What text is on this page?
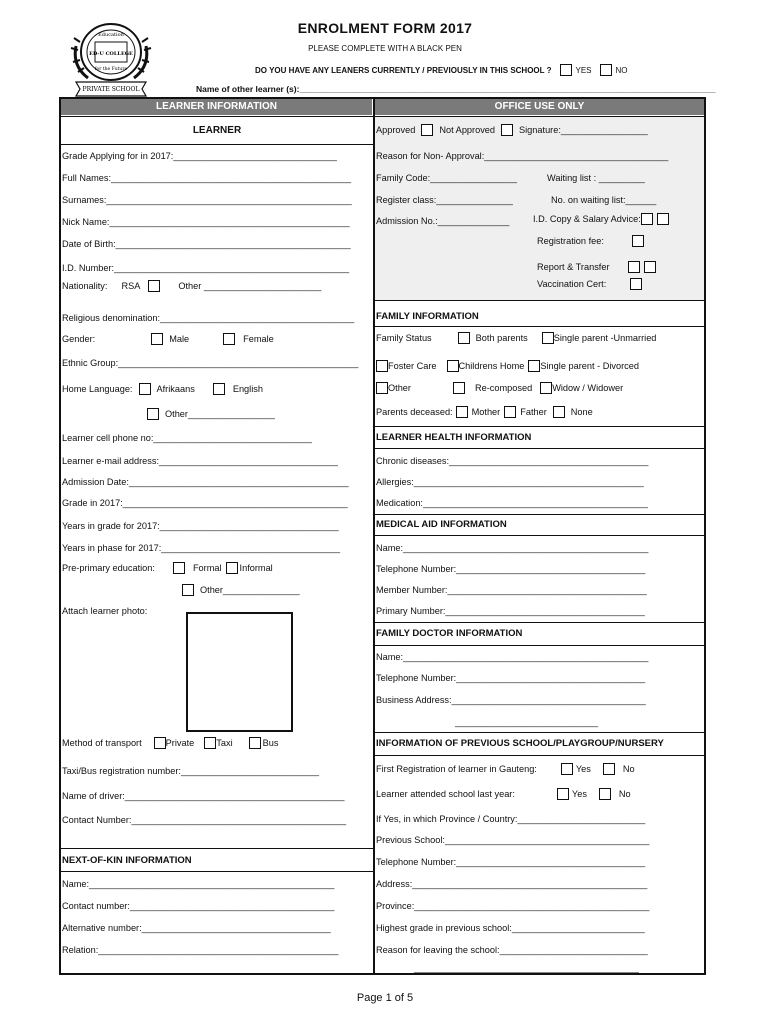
Education
ED-U COLLEGE
for the Future
PRIVATE SCHOOL
ENROLMENT FORM 2017
PLEASE COMPLETE WITH A BLACK PEN
DO YOU HAVE ANY LEANERS CURRENTLY / PREVIOUSLY IN THIS SCHOOL ?	YES	NO
Name of other learner (s):________________________________________________________________________________________
LEARNER INFORMATION	OFFICE USE ONLY
LEARNER
Grade Applying for in 2017:________________________________
Full Names:_______________________________________________
Surnames:________________________________________________
Nick Name:_______________________________________________
Date of Birth:______________________________________________
I.D. Number:______________________________________________
Nationality: RSA	Other _______________________
Religious denomination:______________________________________
Gender:	Male	Female
Ethnic Group:_______________________________________________
Home Language:	Afrikaans	English
Other_________________
Learner cell phone no:_______________________________
Learner e-mail address:___________________________________
Admission Date:___________________________________________
Grade in 2017:____________________________________________
Years in grade for 2017:___________________________________
Years in phase for 2017:___________________________________
Pre-primary education:	Formal Informal
Other_______________
Attach learner photo:
Method of transport	Private Taxi	Bus
Taxi/Bus registration number:___________________________
Name of driver:___________________________________________
Contact Number:__________________________________________
NEXT-OF-KIN INFORMATION
Name:________________________________________________
Contact number:________________________________________
Alternative number:_____________________________________
Relation:_______________________________________________
Approved	Not Approved	Signature:_________________
Reason for Non- Approval:____________________________________
Family Code:_________________	Waiting list : _________
Register class:_______________	No. on waiting list:______
Admission No.:______________	I.D. Copy & Salary Advice:
Registration fee:
Report & Transfer
Vaccination Cert:
FAMILY INFORMATION
Family Status	Both parents	Single parent -Unmarried
Foster Care Childrens Home Single parent - Divorced
Other	Re-composed Widow / Widower
Parents deceased: Mother Father	None
LEARNER HEALTH INFORMATION
Chronic diseases:_______________________________________
Allergies:_____________________________________________
Medication:____________________________________________
MEDICAL AID INFORMATION
Name:________________________________________________
Telephone Number:_____________________________________
Member Number:_______________________________________
Primary Number:_______________________________________
FAMILY DOCTOR INFORMATION
Name:________________________________________________
Telephone Number:_____________________________________
Business Address:______________________________________
____________________________
INFORMATION OF PREVIOUS SCHOOL/PLAYGROUP/NURSERY
First Registration of learner in Gauteng:	Yes	No
Learner attended school last year:	Yes	No
If Yes, in which Province / Country:_________________________
Previous School:________________________________________
Telephone Number:_____________________________________
Address:______________________________________________
Province:______________________________________________
Highest grade in previous school:__________________________
Reason for leaving the school:_____________________________
____________________________________________
Page 1 of 5
